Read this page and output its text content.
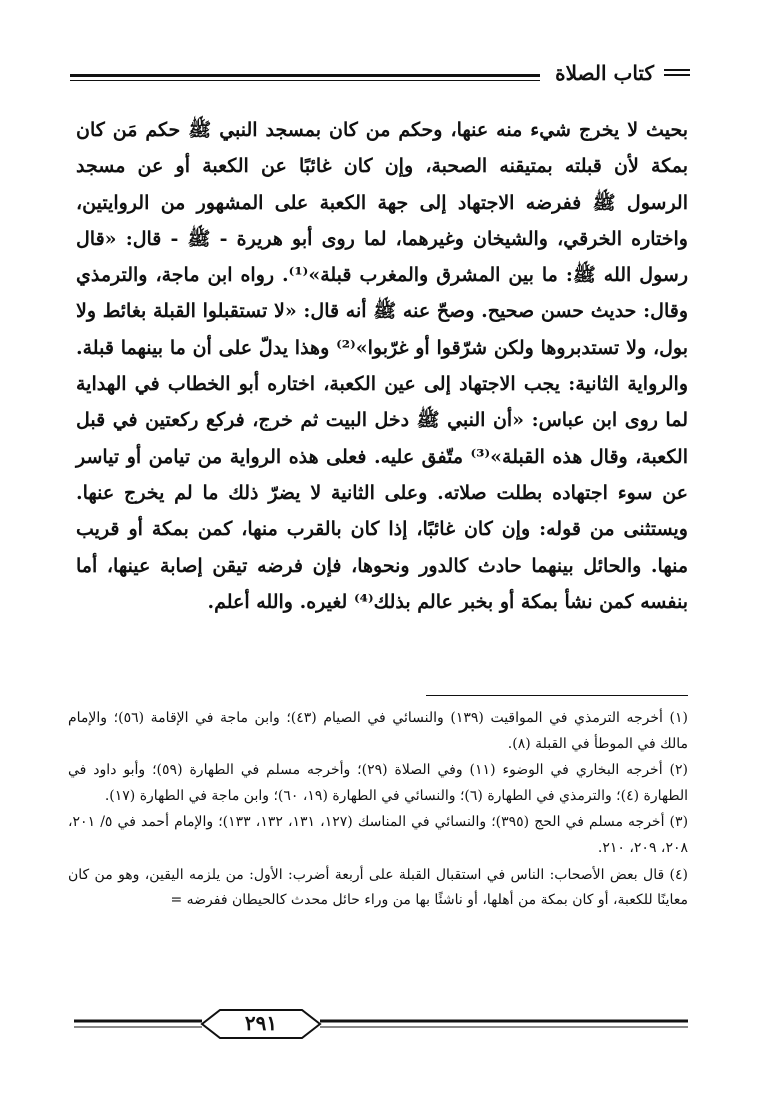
كتاب الصلاة

بحيث لا يخرج شيء منه عنها، وحكم من كان بمسجد النبي ﷺ حكم مَن كان بمكة لأن قبلته بمتيقنه الصحبة، وإن كان غائبًا عن الكعبة أو عن مسجد الرسول ﷺ ففرضه الاجتهاد إلى جهة الكعبة على المشهور من الروايتين، واختاره الخرقي، والشيخان وغيرهما، لما روى أبو هريرة - ﷺ - قال: «قال رسول الله ﷺ: ما بين المشرق والمغرب قبلة»⁽¹⁾. رواه ابن ماجة، والترمذي وقال: حديث حسن صحيح. وصحّ عنه ﷺ أنه قال: «لا تستقبلوا القبلة بغائط ولا بول، ولا تستدبروها ولكن شرّقوا أو غرّبوا»⁽²⁾ وهذا يدلّ على أن ما بينهما قبلة. والرواية الثانية: يجب الاجتهاد إلى عين الكعبة، اختاره أبو الخطاب في الهداية لما روى ابن عباس: «أن النبي ﷺ دخل البيت ثم خرج، فركع ركعتين في قبل الكعبة، وقال هذه القبلة»⁽³⁾ متّفق عليه. فعلى هذه الرواية من تيامن أو تياسر عن سوء اجتهاده بطلت صلاته. وعلى الثانية لا يضرّ ذلك ما لم يخرج عنها. ويستثنى من قوله: وإن كان غائبًا، إذا كان بالقرب منها، كمن بمكة أو قريب منها. والحائل بينهما حادث كالدور ونحوها، فإن فرضه تيقن إصابة عينها، أما بنفسه كمن نشأ بمكة أو بخبر عالم بذلك⁽⁴⁾ لغيره. والله أعلم.

(١) أخرجه الترمذي في المواقيت (١٣٩) والنسائي في الصيام (٤٣)؛ وابن ماجة في الإقامة (٥٦)؛ والإمام مالك في الموطأ في القبلة (٨).
(٢) أخرجه البخاري في الوضوء (١١) وفي الصلاة (٢٩)؛ وأخرجه مسلم في الطهارة (٥٩)؛ وأبو داود في الطهارة (٤)؛ والترمذي في الطهارة (٦)؛ والنسائي في الطهارة (١٩، ٦٠)؛ وابن ماجة في الطهارة (١٧).
(٣) أخرجه مسلم في الحج (٣٩٥)؛ والنسائي في المناسك (١٢٧، ١٣١، ١٣٢، ١٣٣)؛ والإمام أحمد في ٥/ ٢٠١، ٢٠٨، ٢٠٩، ٢١٠.
(٤) قال بعض الأصحاب: الناس في استقبال القبلة على أربعة أضرب: الأول: من يلزمه اليقين، وهو من كان معاينًا للكعبة، أو كان بمكة من أهلها، أو ناشئًا بها من وراء حائل محدث كالحيطان ففرضه =
٢٩١
